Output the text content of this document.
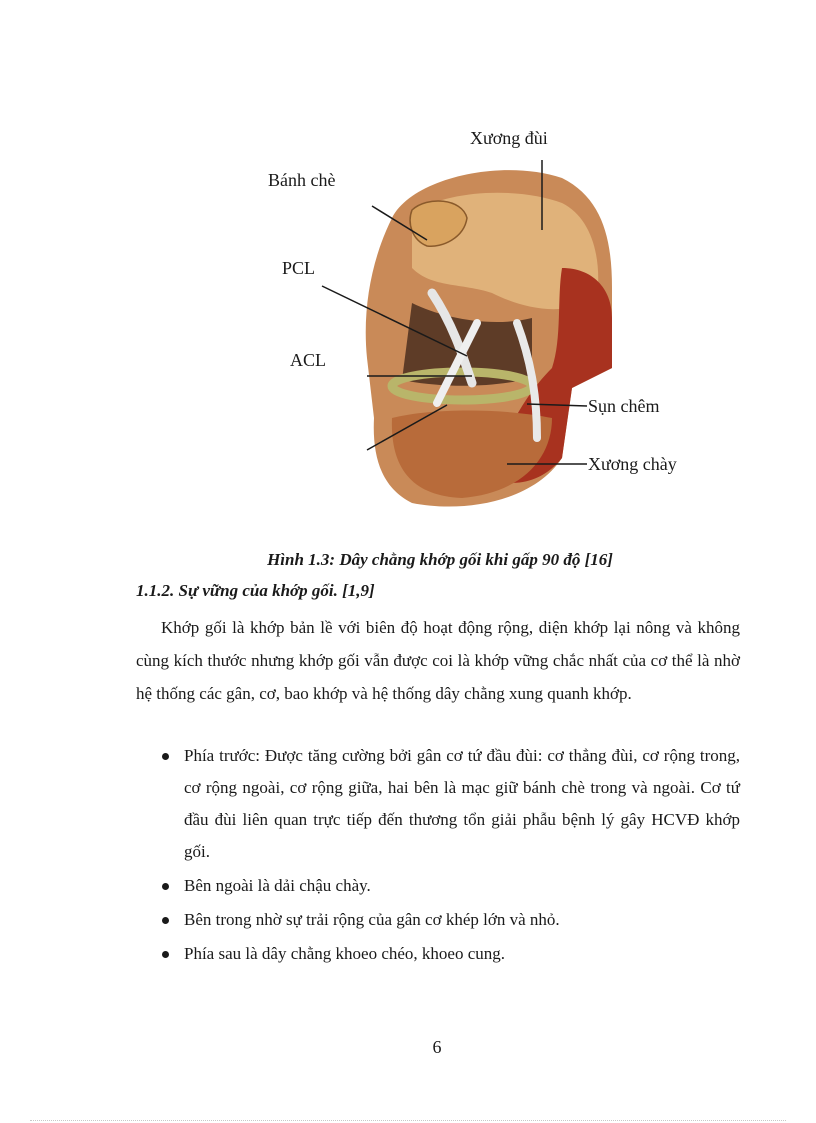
Xương đùi
Bánh chè
PCL
ACL
Sụn chêm
Xương chày
Hình 1.3: Dây chằng khớp gối khi gấp 90 độ [16]
1.1.2. Sự vững của khớp gối. [1,9]

Khớp gối là khớp bản lề với biên độ hoạt động rộng, diện khớp lại nông và không cùng kích thước nhưng khớp gối vẫn được coi là khớp vững chắc nhất của cơ thể là nhờ hệ thống các gân, cơ, bao khớp và hệ thống dây chằng xung quanh khớp.

Phía trước: Được tăng cường bởi gân cơ tứ đầu đùi: cơ thẳng đùi, cơ rộng trong, cơ rộng ngoài, cơ rộng giữa, hai bên là mạc giữ bánh chè trong và ngoài. Cơ tứ đầu đùi liên quan trực tiếp đến thương tổn giải phẫu bệnh lý gây HCVĐ khớp gối.
Bên ngoài là dải chậu chày.
Bên trong nhờ sự trải rộng của gân cơ khép lớn và nhỏ.
Phía sau là dây chằng khoeo chéo, khoeo cung.
6
